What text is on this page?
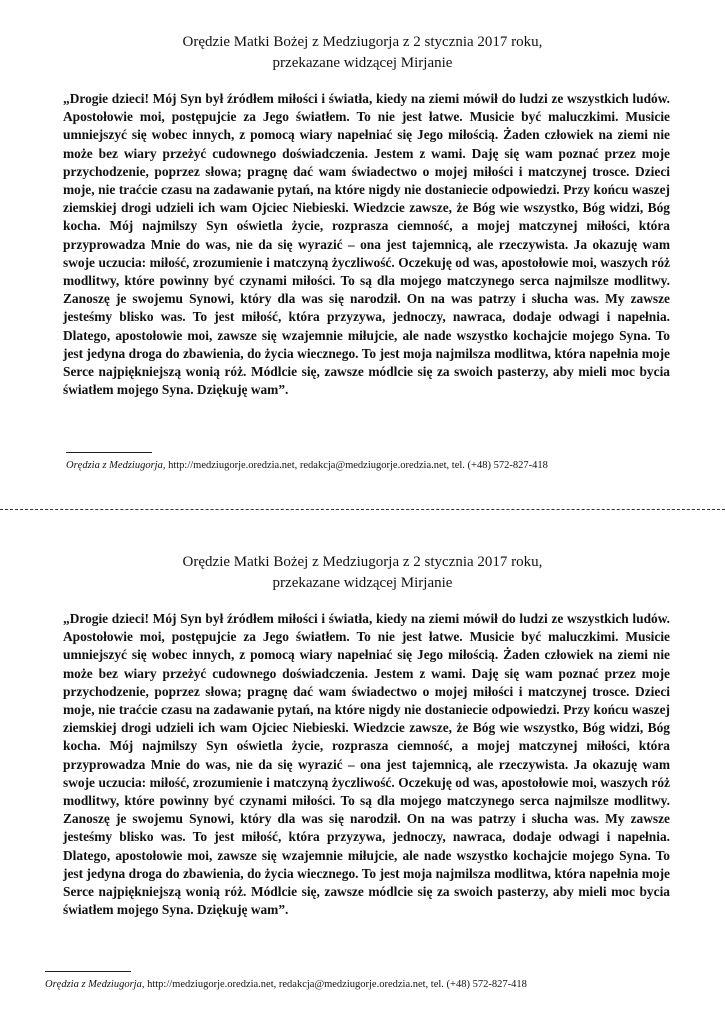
Orędzie Matki Bożej z Medziugorja z 2 stycznia 2017 roku,
przekazane widzącej Mirjanie

„Drogie dzieci! Mój Syn był źródłem miłości i światła, kiedy na ziemi mówił do ludzi ze wszystkich ludów. Apostołowie moi, postępujcie za Jego światłem. To nie jest łatwe. Musicie być maluczkimi. Musicie umniejszyć się wobec innych, z pomocą wiary napełniać się Jego miłością. Żaden człowiek na ziemi nie może bez wiary przeżyć cudownego doświadczenia. Jestem z wami. Daję się wam poznać przez moje przychodzenie, poprzez słowa; pragnę dać wam świadectwo o mojej miłości i matczynej trosce. Dzieci moje, nie traćcie czasu na zadawanie pytań, na które nigdy nie dostaniecie odpowiedzi. Przy końcu waszej ziemskiej drogi udzieli ich wam Ojciec Niebieski. Wiedzcie zawsze, że Bóg wie wszystko, Bóg widzi, Bóg kocha. Mój najmilszy Syn oświetla życie, rozprasza ciemność, a mojej matczynej miłości, która przyprowadza Mnie do was, nie da się wyrazić – ona jest tajemnicą, ale rzeczywista. Ja okazuję wam swoje uczucia: miłość, zrozumienie i matczyną życzliwość. Oczekuję od was, apostołowie moi, waszych róż modlitwy, które powinny być czynami miłości. To są dla mojego matczynego serca najmilsze modlitwy. Zanoszę je swojemu Synowi, który dla was się narodził. On na was patrzy i słucha was. My zawsze jesteśmy blisko was. To jest miłość, która przyzywa, jednoczy, nawraca, dodaje odwagi i napełnia. Dlatego, apostołowie moi, zawsze się wzajemnie miłujcie, ale nade wszystko kochajcie mojego Syna. To jest jedyna droga do zbawienia, do życia wiecznego. To jest moja najmilsza modlitwa, która napełnia moje Serce najpiękniejszą wonią róż. Módlcie się, zawsze módlcie się za swoich pasterzy, aby mieli moc bycia światłem mojego Syna. Dziękuję wam”.

Orędzia z Medziugorja, http://medziugorje.oredzia.net, redakcja@medziugorje.oredzia.net, tel. (+48) 572-827-418
Orędzie Matki Bożej z Medziugorja z 2 stycznia 2017 roku,
przekazane widzącej Mirjanie

„Drogie dzieci! Mój Syn był źródłem miłości i światła, kiedy na ziemi mówił do ludzi ze wszystkich ludów. Apostołowie moi, postępujcie za Jego światłem. To nie jest łatwe. Musicie być maluczkimi. Musicie umniejszyć się wobec innych, z pomocą wiary napełniać się Jego miłością. Żaden człowiek na ziemi nie może bez wiary przeżyć cudownego doświadczenia. Jestem z wami. Daję się wam poznać przez moje przychodzenie, poprzez słowa; pragnę dać wam świadectwo o mojej miłości i matczynej trosce. Dzieci moje, nie traćcie czasu na zadawanie pytań, na które nigdy nie dostaniecie odpowiedzi. Przy końcu waszej ziemskiej drogi udzieli ich wam Ojciec Niebieski. Wiedzcie zawsze, że Bóg wie wszystko, Bóg widzi, Bóg kocha. Mój najmilszy Syn oświetla życie, rozprasza ciemność, a mojej matczynej miłości, która przyprowadza Mnie do was, nie da się wyrazić – ona jest tajemnicą, ale rzeczywista. Ja okazuję wam swoje uczucia: miłość, zrozumienie i matczyną życzliwość. Oczekuję od was, apostołowie moi, waszych róż modlitwy, które powinny być czynami miłości. To są dla mojego matczynego serca najmilsze modlitwy. Zanoszę je swojemu Synowi, który dla was się narodził. On na was patrzy i słucha was. My zawsze jesteśmy blisko was. To jest miłość, która przyzywa, jednoczy, nawraca, dodaje odwagi i napełnia. Dlatego, apostołowie moi, zawsze się wzajemnie miłujcie, ale nade wszystko kochajcie mojego Syna. To jest jedyna droga do zbawienia, do życia wiecznego. To jest moja najmilsza modlitwa, która napełnia moje Serce najpiękniejszą wonią róż. Módlcie się, zawsze módlcie się za swoich pasterzy, aby mieli moc bycia światłem mojego Syna. Dziękuję wam”.

Orędzia z Medziugorja, http://medziugorje.oredzia.net, redakcja@medziugorje.oredzia.net, tel. (+48) 572-827-418
